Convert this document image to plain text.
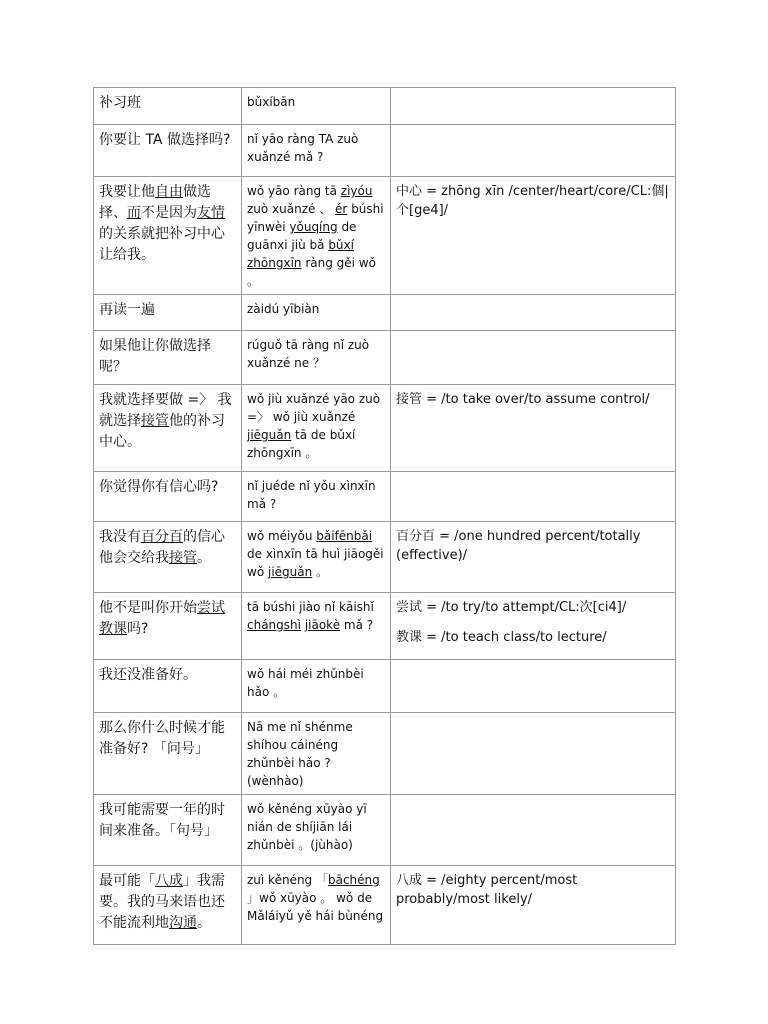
补习班	bǔxíbān	
你要让 TA 做选择吗?	nǐ yāo ràng TA zuò xuǎnzé mǎ ?	
我要让他自由做选择、而不是因为友情的关系就把补习中心让给我。	wǒ yāo ràng tā zìyóu zuò xuǎnzé 、 ér búshi yīnwèi yǒuqíng de guānxi jiù bǎ bǔxí zhōngxīn ràng gěi wǒ 。	中心 = zhōng xīn /center/heart/core/CL:個|个[ge4]/

再读一遍	zàidú yībiàn	
如果他让你做选择呢？	rúguǒ tā ràng nǐ zuò xuǎnzé ne ？	
我就选择要做 =〉 我就选择接管他的补习中心。	wǒ jiù xuǎnzé yāo zuò =〉 wǒ jiù xuǎnzé jiēguǎn tā de bǔxí zhōngxīn 。	接管 = /to take over/to assume control/

你觉得你有信心吗?	nǐ juéde nǐ yǒu xìnxīn mǎ ?	
我没有百分百的信心他会交给我接管。	wǒ méiyǒu bǎifēnbǎi de xìnxīn tā huì jiāogěi wǒ jiēguǎn 。	百分百 = /one hundred percent/totally (effective)/

他不是叫你开始尝试教课吗?	tā búshi jiào nǐ kāishǐ chángshì jiāokè mǎ ?	尝试 = /to try/to attempt/CL:次[ci4]/
教课 = /to teach class/to lecture/

我还没准备好。	wǒ hái méi zhǔnbèi hǎo 。	
那么你什么时候才能准备好? 「问号」	Nā me nǐ shénme shíhou cáinéng zhǔnbèi hǎo ? (wènhào)	
我可能需要一年的时间来准备。「句号」	wǒ kěnéng xūyào yī nián de shíjiān lái zhǔnbèi 。(jùhào)	
最可能「八成」我需要。我的马来语也还不能流利地沟通。	zuì kěnéng 「bāchéng 」wǒ xūyào 。 wǒ de Mǎláiyǔ yě hái bùnéng	八成 = /eighty percent/most probably/most likely/
